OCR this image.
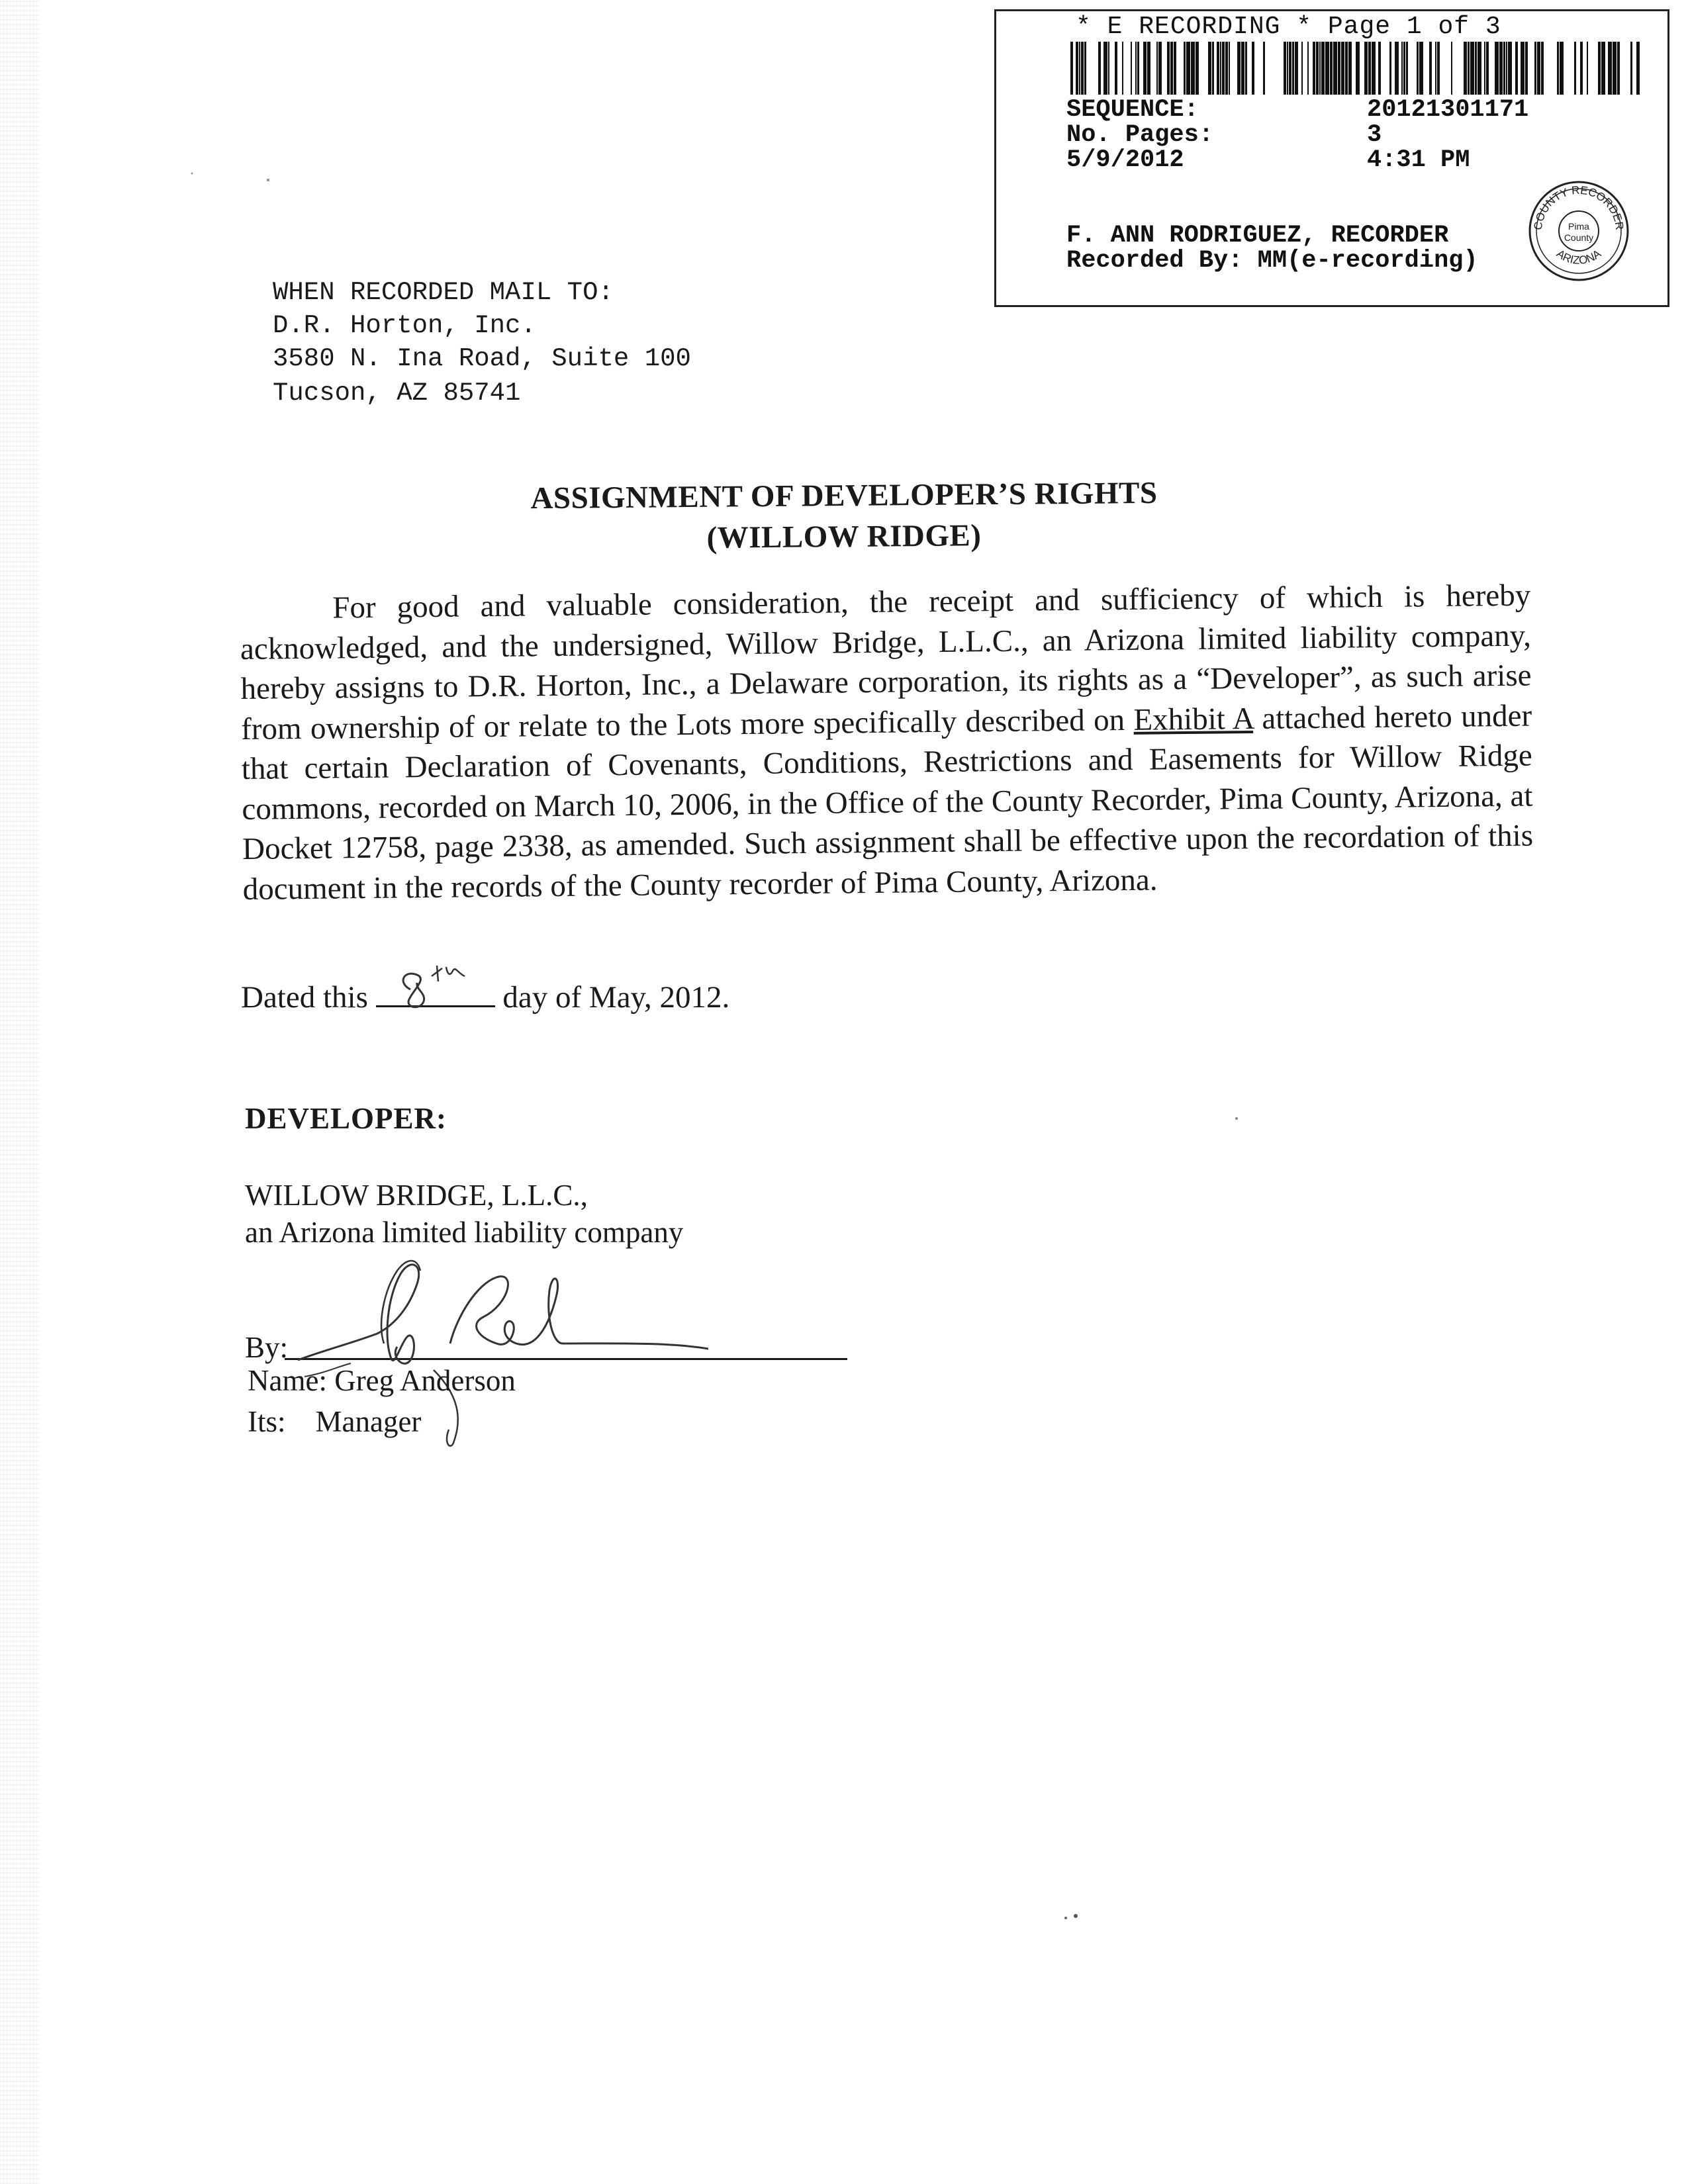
* E RECORDING * Page 1 of 3
SEQUENCE:	20121301171
No. Pages:	3
5/9/2012	4:31 PM
F. ANN RODRIGUEZ, RECORDER
Recorded By: MM(e-recording)
COUNTY RECORDER
ARIZONA
Pima
County
WHEN RECORDED MAIL TO:
D.R. Horton, Inc.
3580 N. Ina Road, Suite 100
Tucson, AZ 85741
ASSIGNMENT OF DEVELOPER’S RIGHTS
(WILLOW RIDGE)
For good and valuable consideration, the receipt and sufficiency of which is hereby acknowledged, and the undersigned, Willow Bridge, L.L.C., an Arizona limited liability company, hereby assigns to D.R. Horton, Inc., a Delaware corporation, its rights as a “Developer”, as such arise from ownership of or relate to the Lots more specifically described on Exhibit A attached hereto under that certain Declaration of Covenants, Conditions, Restrictions and Easements for Willow Ridge commons, recorded on March 10, 2006, in the Office of the County Recorder, Pima County, Arizona, at Docket 12758, page 2338, as amended. Such assignment shall be effective upon the recordation of this document in the records of the County recorder of Pima County, Arizona.
Dated this	day of May, 2012.
DEVELOPER:
WILLOW BRIDGE, L.L.C.,
an Arizona limited liability company
By:
Name: Greg Anderson
Its:    Manager
